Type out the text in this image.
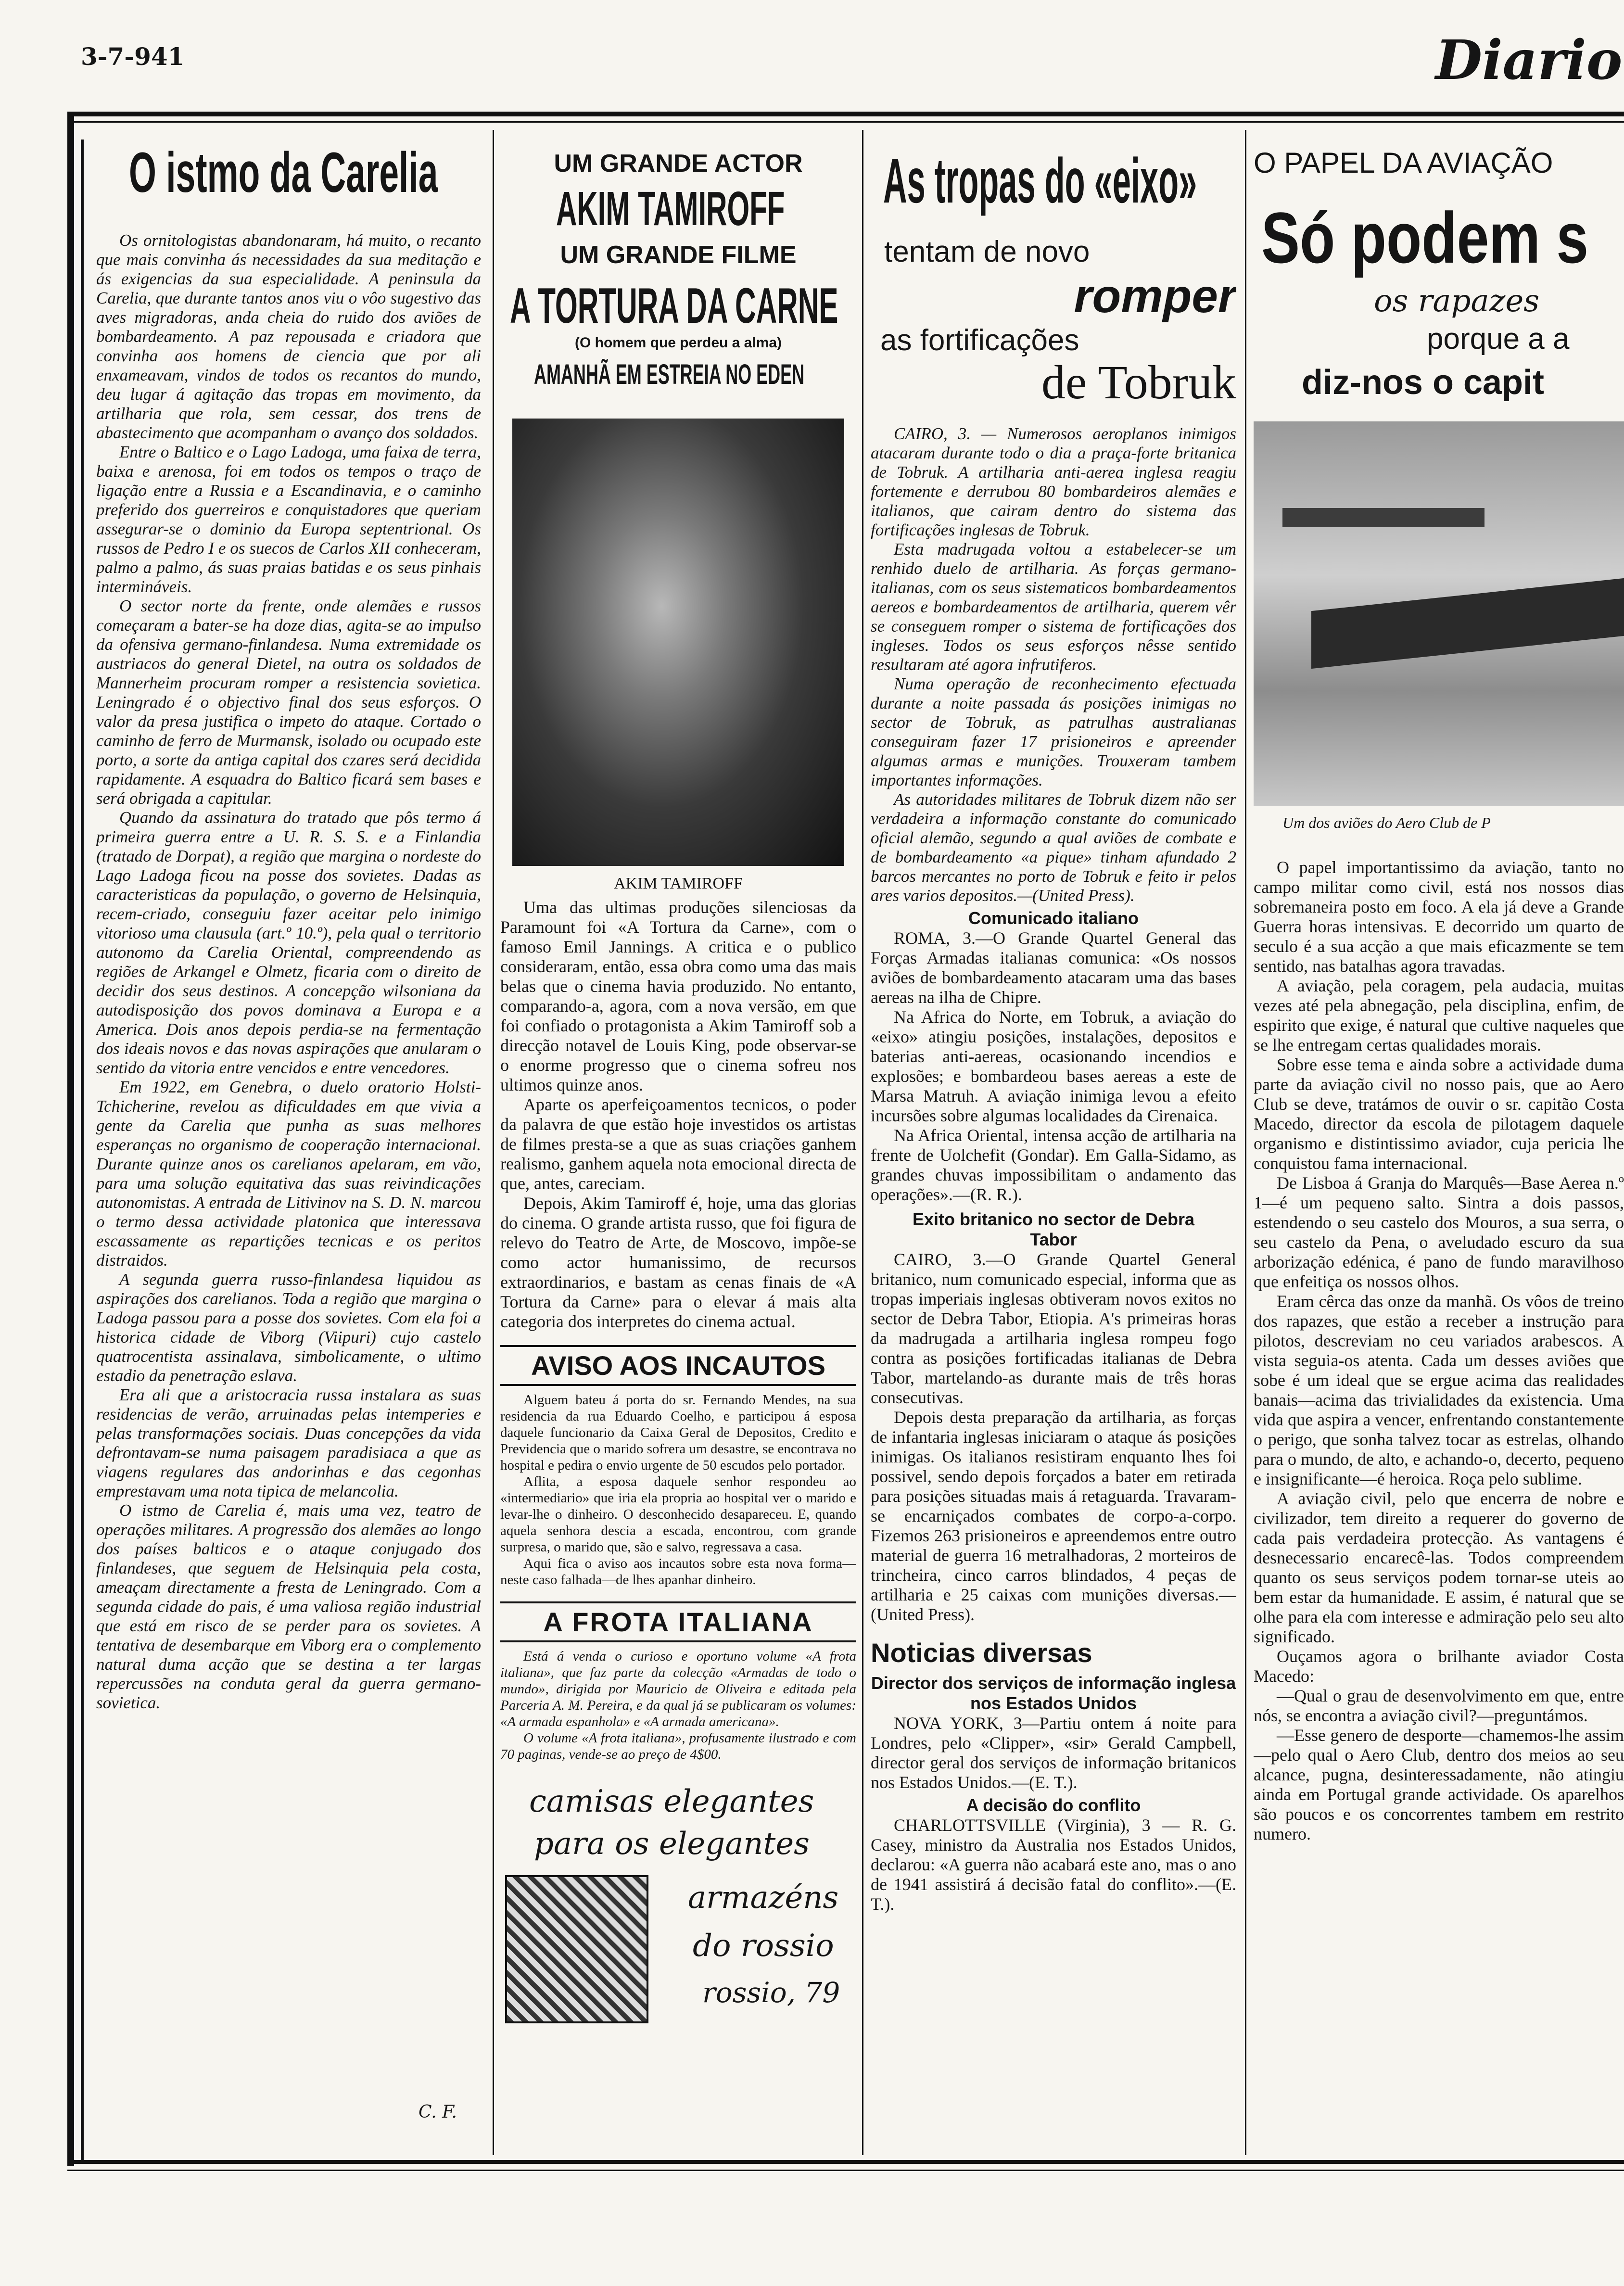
3-7-941	Diario
O istmo da Carelia

Os ornitologistas abandonaram, há muito, o recanto que mais convinha ás necessidades da sua meditação e ás exigencias da sua especialidade. A peninsula da Carelia, que durante tantos anos viu o vôo sugestivo das aves migradoras, anda cheia do ruido dos aviões de bombardeamento. A paz repousada e criadora que convinha aos homens de ciencia que por ali enxameavam, vindos de todos os recantos do mundo, deu lugar á agitação das tropas em movimento, da artilharia que rola, sem cessar, dos trens de abastecimento que acompanham o avanço dos soldados.

Entre o Baltico e o Lago Ladoga, uma faixa de terra, baixa e arenosa, foi em todos os tempos o traço de ligação entre a Russia e a Escandinavia, e o caminho preferido dos guerreiros e conquistadores que queriam assegurar-se o dominio da Europa septentrional. Os russos de Pedro I e os suecos de Carlos XII conheceram, palmo a palmo, ás suas praias batidas e os seus pinhais intermináveis.

O sector norte da frente, onde alemães e russos começaram a bater-se ha doze dias, agita-se ao impulso da ofensiva germano-finlandesa. Numa extremidade os austriacos do general Dietel, na outra os soldados de Mannerheim procuram romper a resistencia sovietica. Leningrado é o objectivo final dos seus esforços. O valor da presa justifica o impeto do ataque. Cortado o caminho de ferro de Murmansk, isolado ou ocupado este porto, a sorte da antiga capital dos czares será decidida rapidamente. A esquadra do Baltico ficará sem bases e será obrigada a capitular.

Quando da assinatura do tratado que pôs termo á primeira guerra entre a U. R. S. S. e a Finlandia (tratado de Dorpat), a região que margina o nordeste do Lago Ladoga ficou na posse dos sovietes. Dadas as caracteristicas da população, o governo de Helsinquia, recem-criado, conseguiu fazer aceitar pelo inimigo vitorioso uma clausula (art.º 10.º), pela qual o territorio autonomo da Carelia Oriental, compreendendo as regiões de Arkangel e Olmetz, ficaria com o direito de decidir dos seus destinos. A concepção wilsoniana da autodisposição dos povos dominava a Europa e a America. Dois anos depois perdia-se na fermentação dos ideais novos e das novas aspirações que anularam o sentido da vitoria entre vencidos e entre vencedores.

Em 1922, em Genebra, o duelo oratorio Holsti-Tchicherine, revelou as dificuldades em que vivia a gente da Carelia que punha as suas melhores esperanças no organismo de cooperação internacional. Durante quinze anos os carelianos apelaram, em vão, para uma solução equitativa das suas reivindicações autonomistas. A entrada de Litivinov na S. D. N. marcou o termo dessa actividade platonica que interessava escassamente as repartições tecnicas e os peritos distraidos.

A segunda guerra russo-finlandesa liquidou as aspirações dos carelianos. Toda a região que margina o Ladoga passou para a posse dos sovietes. Com ela foi a historica cidade de Viborg (Viipuri) cujo castelo quatrocentista assinalava, simbolicamente, o ultimo estadio da penetração eslava.

Era ali que a aristocracia russa instalara as suas residencias de verão, arruinadas pelas intemperies e pelas transformações sociais. Duas concepções da vida defrontavam-se numa paisagem paradisiaca a que as viagens regulares das andorinhas e das cegonhas emprestavam uma nota tipica de melancolia.

O istmo de Carelia é, mais uma vez, teatro de operações militares. A progressão dos alemães ao longo dos países balticos e o ataque conjugado dos finlandeses, que seguem de Helsinquia pela costa, ameaçam directamente a fresta de Leningrado. Com a segunda cidade do pais, é uma valiosa região industrial que está em risco de se perder para os sovietes. A tentativa de desembarque em Viborg era o complemento natural duma acção que se destina a ter largas repercussões na conduta geral da guerra germano-sovietica.

C. F.
UM GRANDE ACTOR
AKIM TAMIROFF
UM GRANDE FILME
A TORTURA DA CARNE
(O homem que perdeu a alma)
AMANHÃ EM ESTREIA NO EDEN
AKIM TAMIROFF

Uma das ultimas produções silenciosas da Paramount foi «A Tortura da Carne», com o famoso Emil Jannings. A critica e o publico consideraram, então, essa obra como uma das mais belas que o cinema havia produzido. No entanto, comparando-a, agora, com a nova versão, em que foi confiado o protagonista a Akim Tamiroff sob a direcção notavel de Louis King, pode observar-se o enorme progresso que o cinema sofreu nos ultimos quinze anos.

Aparte os aperfeiçoamentos tecnicos, o poder da palavra de que estão hoje investidos os artistas de filmes presta-se a que as suas criações ganhem realismo, ganhem aquela nota emocional directa de que, antes, careciam.

Depois, Akim Tamiroff é, hoje, uma das glorias do cinema. O grande artista russo, que foi figura de relevo do Teatro de Arte, de Moscovo, impõe-se como actor humanissimo, de recursos extraordinarios, e bastam as cenas finais de «A Tortura da Carne» para o elevar á mais alta categoria dos interpretes do cinema actual.

AVISO AOS INCAUTOS

Alguem bateu á porta do sr. Fernando Mendes, na sua residencia da rua Eduardo Coelho, e participou á esposa daquele funcionario da Caixa Geral de Depositos, Credito e Previdencia que o marido sofrera um desastre, se encontrava no hospital e pedira o envio urgente de 50 escudos pelo portador.

Aflita, a esposa daquele senhor respondeu ao «intermediario» que iria ela propria ao hospital ver o marido e levar-lhe o dinheiro. O desconhecido desapareceu. E, quando aquela senhora descia a escada, encontrou, com grande surpresa, o marido que, são e salvo, regressava a casa.

Aqui fica o aviso aos incautos sobre esta nova forma—neste caso falhada—de lhes apanhar dinheiro.

A FROTA ITALIANA

Está á venda o curioso e oportuno volume «A frota italiana», que faz parte da colecção «Armadas de todo o mundo», dirigida por Mauricio de Oliveira e editada pela Parceria A. M. Pereira, e da qual já se publicaram os volumes: «A armada espanhola» e «A armada americana».

O volume «A frota italiana», profusamente ilustrado e com 70 paginas, vende-se ao preço de 4$00.

camisas elegantes
para os elegantes
armazéns
do rossio
rossio, 79
As tropas do «eixo»
tentam de novo
romper
as fortificações
de Tobruk

CAIRO, 3. — Numerosos aeroplanos inimigos atacaram durante todo o dia a praça-forte britanica de Tobruk. A artilharia anti-aerea inglesa reagiu fortemente e derrubou 80 bombardeiros alemães e italianos, que cairam dentro do sistema das fortificações inglesas de Tobruk.

Esta madrugada voltou a estabelecer-se um renhido duelo de artilharia. As forças germano-italianas, com os seus sistematicos bombardeamentos aereos e bombardeamentos de artilharia, querem vêr se conseguem romper o sistema de fortificações dos ingleses. Todos os seus esforços nêsse sentido resultaram até agora infrutiferos.

Numa operação de reconhecimento efectuada durante a noite passada ás posições inimigas no sector de Tobruk, as patrulhas australianas conseguiram fazer 17 prisioneiros e apreender algumas armas e munições. Trouxeram tambem importantes informações.

As autoridades militares de Tobruk dizem não ser verdadeira a informação constante do comunicado oficial alemão, segundo a qual aviões de combate e de bombardeamento «a pique» tinham afundado 2 barcos mercantes no porto de Tobruk e feito ir pelos ares varios depositos.—(United Press).

Comunicado italiano

ROMA, 3.—O Grande Quartel General das Forças Armadas italianas comunica: «Os nossos aviões de bombardeamento atacaram uma das bases aereas na ilha de Chipre.

Na Africa do Norte, em Tobruk, a aviação do «eixo» atingiu posições, instalações, depositos e baterias anti-aereas, ocasionando incendios e explosões; e bombardeou bases aereas a este de Marsa Matruh. A aviação inimiga levou a efeito incursões sobre algumas localidades da Cirenaica.

Na Africa Oriental, intensa acção de artilharia na frente de Uolchefit (Gondar). Em Galla-Sidamo, as grandes chuvas impossibilitam o andamento das operações».—(R. R.).

Exito britanico no sector de Debra Tabor

CAIRO, 3.—O Grande Quartel General britanico, num comunicado especial, informa que as tropas imperiais inglesas obtiveram novos exitos no sector de Debra Tabor, Etiopia. A's primeiras horas da madrugada a artilharia inglesa rompeu fogo contra as posições fortificadas italianas de Debra Tabor, martelando-as durante mais de três horas consecutivas.

Depois desta preparação da artilharia, as forças de infantaria inglesas iniciaram o ataque ás posições inimigas. Os italianos resistiram enquanto lhes foi possivel, sendo depois forçados a bater em retirada para posições situadas mais á retaguarda. Travaram-se encarniçados combates de corpo-a-corpo. Fizemos 263 prisioneiros e apreendemos entre outro material de guerra 16 metralhadoras, 2 morteiros de trincheira, cinco carros blindados, 4 peças de artilharia e 25 caixas com munições diversas.—(United Press).

Noticias diversas
Director dos serviços de informação inglesa nos Estados Unidos

NOVA YORK, 3—Partiu ontem á noite para Londres, pelo «Clipper», «sir» Gerald Campbell, director geral dos serviços de informação britanicos nos Estados Unidos.—(E. T.).

A decisão do conflito

CHARLOTTSVILLE (Virginia), 3 — R. G. Casey, ministro da Australia nos Estados Unidos, declarou: «A guerra não acabará este ano, mas o ano de 1941 assistirá á decisão fatal do conflito».—(E. T.).

O PAPEL DA AVIAÇÃO
Só podem s
os rapazes
porque a a
diz-nos o capit
Um dos aviões do Aero Club de P

O papel importantissimo da aviação, tanto no campo militar como civil, está nos nossos dias sobremaneira posto em foco. A ela já deve a Grande Guerra horas intensivas. E decorrido um quarto de seculo é a sua acção a que mais eficazmente se tem sentido, nas batalhas agora travadas.

A aviação, pela coragem, pela audacia, muitas vezes até pela abnegação, pela disciplina, enfim, de espirito que exige, é natural que cultive naqueles que se lhe entregam certas qualidades morais.

Sobre esse tema e ainda sobre a actividade duma parte da aviação civil no nosso pais, que ao Aero Club se deve, tratámos de ouvir o sr. capitão Costa Macedo, director da escola de pilotagem daquele organismo e distintissimo aviador, cuja pericia lhe conquistou fama internacional.

De Lisboa á Granja do Marquês—Base Aerea n.º 1—é um pequeno salto. Sintra a dois passos, estendendo o seu castelo dos Mouros, a sua serra, o seu castelo da Pena, o aveludado escuro da sua arborização edénica, é pano de fundo maravilhoso que enfeitiça os nossos olhos.

Eram cêrca das onze da manhã. Os vôos de treino dos rapazes, que estão a receber a instrução para pilotos, descreviam no ceu variados arabescos. A vista seguia-os atenta. Cada um desses aviões que sobe é um ideal que se ergue acima das realidades banais—acima das trivialidades da existencia. Uma vida que aspira a vencer, enfrentando constantemente o perigo, que sonha talvez tocar as estrelas, olhando para o mundo, de alto, e achando-o, decerto, pequeno e insignificante—é heroica. Roça pelo sublime.

A aviação civil, pelo que encerra de nobre e civilizador, tem direito a requerer do governo de cada pais verdadeira protecção. As vantagens é desnecessario encarecê-las. Todos compreendem quanto os seus serviços podem tornar-se uteis ao bem estar da humanidade. E assim, é natural que se olhe para ela com interesse e admiração pelo seu alto significado.

Ouçamos agora o brilhante aviador Costa Macedo:

—Qual o grau de desenvolvimento em que, entre nós, se encontra a aviação civil?—preguntámos.

—Esse genero de desporte—chamemos-lhe assim—pelo qual o Aero Club, dentro dos meios ao seu alcance, pugna, desinteressadamente, não atingiu ainda em Portugal grande actividade. Os aparelhos são poucos e os concorrentes tambem em restrito numero.
